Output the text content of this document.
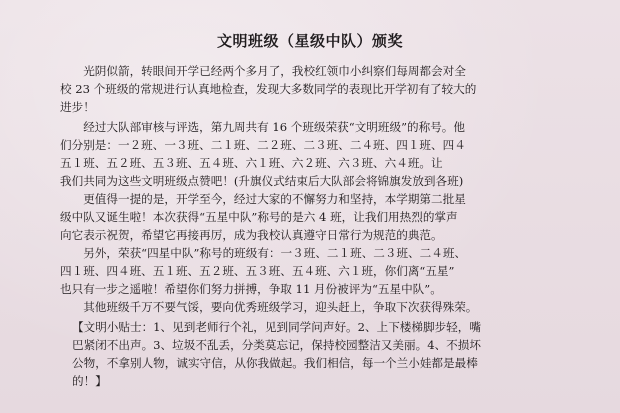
文明班级（星级中队）颁奖
　　光阴似箭，转眼间开学已经两个多月了，我校红领巾小纠察们每周都会对全
校 23 个班级的常规进行认真地检查，发现大多数同学的表现比开学初有了较大的
进步！
　　经过大队部审核与评选，第九周共有 16 个班级荣获“文明班级”的称号。他
们分别是：一２班、一３班、二１班、二２班、二３班、二４班、四１班、四４
五１班、五２班、五３班、五４班、六１班、六２班、六３班、六４班。让
我们共同为这些文明班级点赞吧！(升旗仪式结束后大队部会将锦旗发放到各班)
　　更值得一提的是，开学至今，经过大家的不懈努力和坚持，本学期第二批星
级中队又诞生啦！本次获得“五星中队”称号的是六 4 班，让我们用热烈的掌声
向它表示祝贺，希望它再接再厉，成为我校认真遵守日常行为规范的典范。
　　另外，荣获“四星中队”称号的班级有：一３班、二１班、二３班、二４班、
四１班、四４班、五１班、五２班、五３班、五４班、六１班，你们离“五星”
也只有一步之遥啦！希望你们努力拼搏，争取 11 月份被评为“五星中队”。
　　其他班级千万不要气馁，要向优秀班级学习，迎头赶上，争取下次获得殊荣。
【文明小贴士：1、见到老师行个礼，见到同学问声好。2、上下楼梯脚步轻，嘴
巴紧闭不出声。3、垃圾不乱丢，分类莫忘记，保持校园整洁又美丽。4、不损坏
公物，不拿别人物，诚实守信，从你我做起。我们相信，每一个兰小娃都是最棒
的！】
